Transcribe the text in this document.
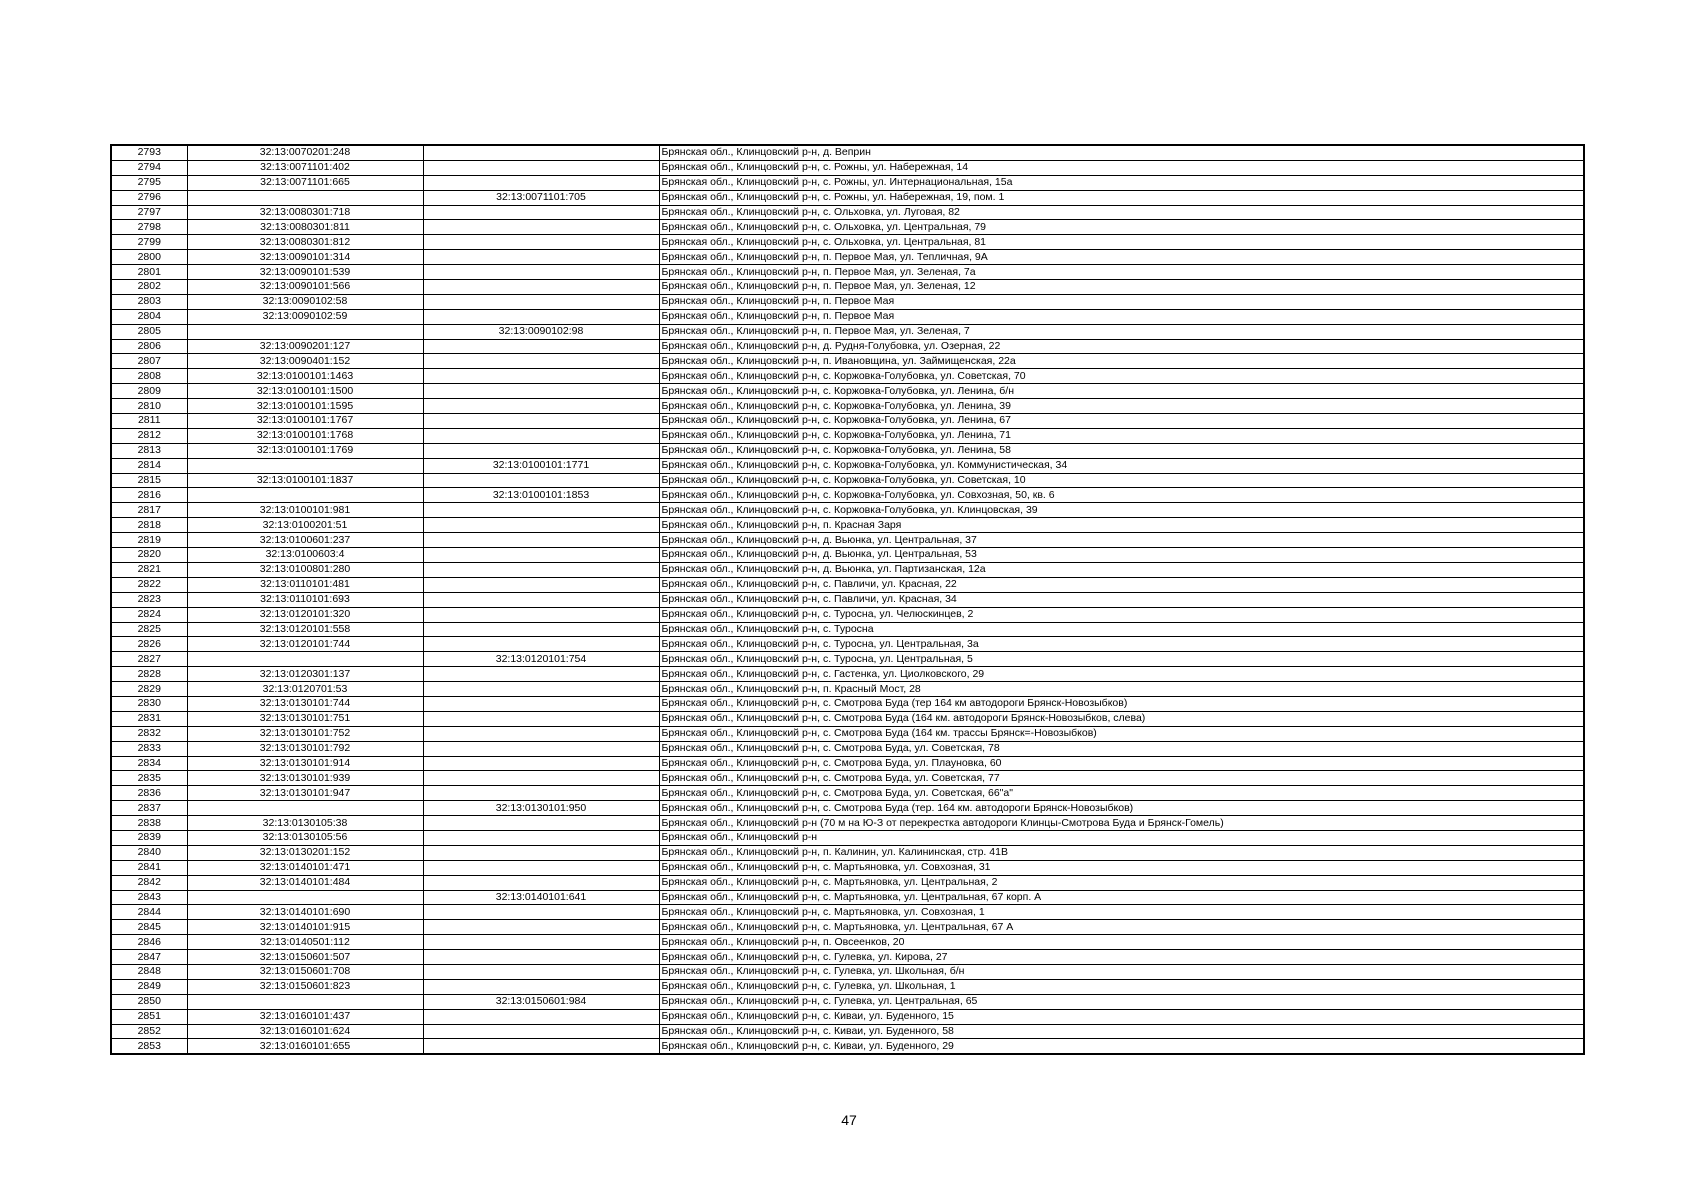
2793	32:13:0070201:248		Брянская обл., Клинцовский р-н, д. Веприн
2794	32:13:0071101:402		Брянская обл., Клинцовский р-н, с. Рожны, ул. Набережная, 14
2795	32:13:0071101:665		Брянская обл., Клинцовский р-н, с. Рожны, ул. Интернациональная, 15а
2796		32:13:0071101:705	Брянская обл., Клинцовский р-н, с. Рожны, ул. Набережная, 19, пом. 1
2797	32:13:0080301:718		Брянская обл., Клинцовский р-н, с. Ольховка, ул. Луговая, 82
2798	32:13:0080301:811		Брянская обл., Клинцовский р-н, с. Ольховка, ул. Центральная, 79
2799	32:13:0080301:812		Брянская обл., Клинцовский р-н, с. Ольховка, ул. Центральная, 81
2800	32:13:0090101:314		Брянская обл., Клинцовский р-н, п. Первое Мая, ул. Тепличная, 9А
2801	32:13:0090101:539		Брянская обл., Клинцовский р-н, п. Первое Мая, ул. Зеленая, 7а
2802	32:13:0090101:566		Брянская обл., Клинцовский р-н, п. Первое Мая, ул. Зеленая, 12
2803	32:13:0090102:58		Брянская обл., Клинцовский р-н, п. Первое Мая
2804	32:13:0090102:59		Брянская обл., Клинцовский р-н, п. Первое Мая
2805		32:13:0090102:98	Брянская обл., Клинцовский р-н, п. Первое Мая, ул. Зеленая, 7
2806	32:13:0090201:127		Брянская обл., Клинцовский р-н, д. Рудня-Голубовка, ул. Озерная, 22
2807	32:13:0090401:152		Брянская обл., Клинцовский р-н, п. Ивановщина, ул. Займищенская, 22а
2808	32:13:0100101:1463		Брянская обл., Клинцовский р-н, с. Коржовка-Голубовка, ул. Советская, 70
2809	32:13:0100101:1500		Брянская обл., Клинцовский р-н, с. Коржовка-Голубовка, ул. Ленина, б/н
2810	32:13:0100101:1595		Брянская обл., Клинцовский р-н, с. Коржовка-Голубовка, ул. Ленина, 39
2811	32:13:0100101:1767		Брянская обл., Клинцовский р-н, с. Коржовка-Голубовка, ул. Ленина, 67
2812	32:13:0100101:1768		Брянская обл., Клинцовский р-н, с. Коржовка-Голубовка, ул. Ленина, 71
2813	32:13:0100101:1769		Брянская обл., Клинцовский р-н, с. Коржовка-Голубовка, ул. Ленина, 58
2814		32:13:0100101:1771	Брянская обл., Клинцовский р-н, с. Коржовка-Голубовка, ул. Коммунистическая, 34
2815	32:13:0100101:1837		Брянская обл., Клинцовский р-н, с. Коржовка-Голубовка, ул. Советская, 10
2816		32:13:0100101:1853	Брянская обл., Клинцовский р-н, с. Коржовка-Голубовка, ул. Совхозная, 50, кв. 6
2817	32:13:0100101:981		Брянская обл., Клинцовский р-н, с. Коржовка-Голубовка, ул. Клинцовская, 39
2818	32:13:0100201:51		Брянская обл., Клинцовский р-н, п. Красная Заря
2819	32:13:0100601:237		Брянская обл., Клинцовский р-н, д. Вьюнка, ул. Центральная, 37
2820	32:13:0100603:4		Брянская обл., Клинцовский р-н, д. Вьюнка, ул. Центральная, 53
2821	32:13:0100801:280		Брянская обл., Клинцовский р-н, д. Вьюнка, ул. Партизанская, 12а
2822	32:13:0110101:481		Брянская обл., Клинцовский р-н, с. Павличи, ул. Красная, 22
2823	32:13:0110101:693		Брянская обл., Клинцовский р-н, с. Павличи, ул. Красная, 34
2824	32:13:0120101:320		Брянская обл., Клинцовский р-н, с. Туросна, ул. Челюскинцев, 2
2825	32:13:0120101:558		Брянская обл., Клинцовский р-н, с. Туросна
2826	32:13:0120101:744		Брянская обл., Клинцовский р-н, с. Туросна, ул. Центральная, 3а
2827		32:13:0120101:754	Брянская обл., Клинцовский р-н, с. Туросна, ул. Центральная, 5
2828	32:13:0120301:137		Брянская обл., Клинцовский р-н, с. Гастенка, ул. Циолковского, 29
2829	32:13:0120701:53		Брянская обл., Клинцовский р-н, п. Красный Мост, 28
2830	32:13:0130101:744		Брянская обл., Клинцовский р-н, с. Смотрова Буда (тер 164 км автодороги Брянск-Новозыбков)
2831	32:13:0130101:751		Брянская обл., Клинцовский р-н, с. Смотрова Буда (164 км. автодороги Брянск-Новозыбков, слева)
2832	32:13:0130101:752		Брянская обл., Клинцовский р-н, с. Смотрова Буда (164 км. трассы Брянск=-Новозыбков)
2833	32:13:0130101:792		Брянская обл., Клинцовский р-н, с. Смотрова Буда, ул. Советская, 78
2834	32:13:0130101:914		Брянская обл., Клинцовский р-н, с. Смотрова Буда, ул. Плауновка, 60
2835	32:13:0130101:939		Брянская обл., Клинцовский р-н, с. Смотрова Буда, ул. Советская, 77
2836	32:13:0130101:947		Брянская обл., Клинцовский р-н, с. Смотрова Буда, ул. Советская, 66"а"
2837		32:13:0130101:950	Брянская обл., Клинцовский р-н, с. Смотрова Буда (тер. 164 км. автодороги Брянск-Новозыбков)
2838	32:13:0130105:38		Брянская обл., Клинцовский р-н (70 м на Ю-З от перекрестка автодороги Клинцы-Смотрова Буда и Брянск-Гомель)
2839	32:13:0130105:56		Брянская обл., Клинцовский р-н
2840	32:13:0130201:152		Брянская обл., Клинцовский р-н, п. Калинин, ул. Калининская, стр. 41В
2841	32:13:0140101:471		Брянская обл., Клинцовский р-н, с. Мартьяновка, ул. Совхозная, 31
2842	32:13:0140101:484		Брянская обл., Клинцовский р-н, с. Мартьяновка, ул. Центральная, 2
2843		32:13:0140101:641	Брянская обл., Клинцовский р-н, с. Мартьяновка, ул. Центральная, 67 корп. А
2844	32:13:0140101:690		Брянская обл., Клинцовский р-н, с. Мартьяновка, ул. Совхозная, 1
2845	32:13:0140101:915		Брянская обл., Клинцовский р-н, с. Мартьяновка, ул. Центральная, 67 А
2846	32:13:0140501:112		Брянская обл., Клинцовский р-н, п. Овсеенков, 20
2847	32:13:0150601:507		Брянская обл., Клинцовский р-н, с. Гулевка, ул. Кирова, 27
2848	32:13:0150601:708		Брянская обл., Клинцовский р-н, с. Гулевка, ул. Школьная, б/н
2849	32:13:0150601:823		Брянская обл., Клинцовский р-н, с. Гулевка, ул. Школьная, 1
2850		32:13:0150601:984	Брянская обл., Клинцовский р-н, с. Гулевка, ул. Центральная, 65
2851	32:13:0160101:437		Брянская обл., Клинцовский р-н, с. Киваи, ул. Буденного, 15
2852	32:13:0160101:624		Брянская обл., Клинцовский р-н, с. Киваи, ул. Буденного, 58
2853	32:13:0160101:655		Брянская обл., Клинцовский р-н, с. Киваи, ул. Буденного, 29
47
